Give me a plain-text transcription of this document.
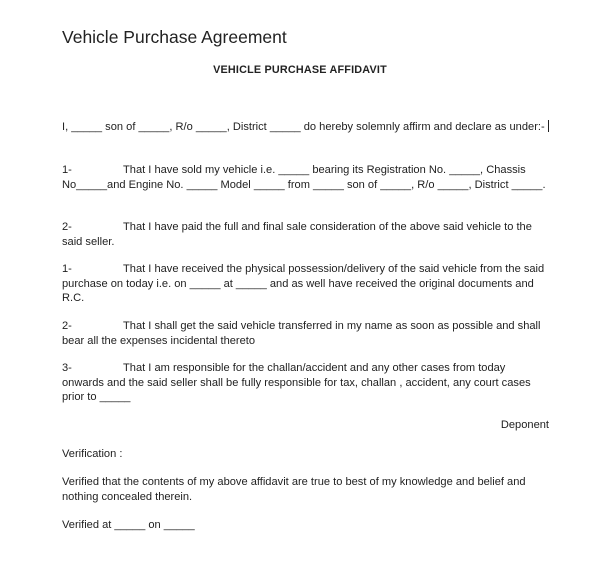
Vehicle Purchase Agreement
VEHICLE PURCHASE AFFIDAVIT

I, _____ son of _____, R/o _____, District _____ do hereby solemnly affirm and declare as under:-

1-	That I have sold my vehicle i.e. _____ bearing its Registration No. _____, Chassis No_____and Engine No. _____ Model _____ from _____ son of _____, R/o _____, District _____.

2-	That I have paid the full and final sale consideration of the above said vehicle to the said seller.

1-	That I have received the physical possession/delivery of the said vehicle from the said purchase on today i.e. on _____ at _____ and as well have received the original documents and R.C.

2-	That I shall get the said vehicle transferred in my name as soon as possible and shall bear all the expenses incidental thereto

3-	That I am responsible for the challan/accident and any other cases from today onwards and the said seller shall be fully responsible for tax, challan , accident, any court cases prior to _____

Deponent

Verification :

Verified that the contents of my above affidavit are true to best of my knowledge and belief and nothing concealed therein.

Verified at _____ on _____
